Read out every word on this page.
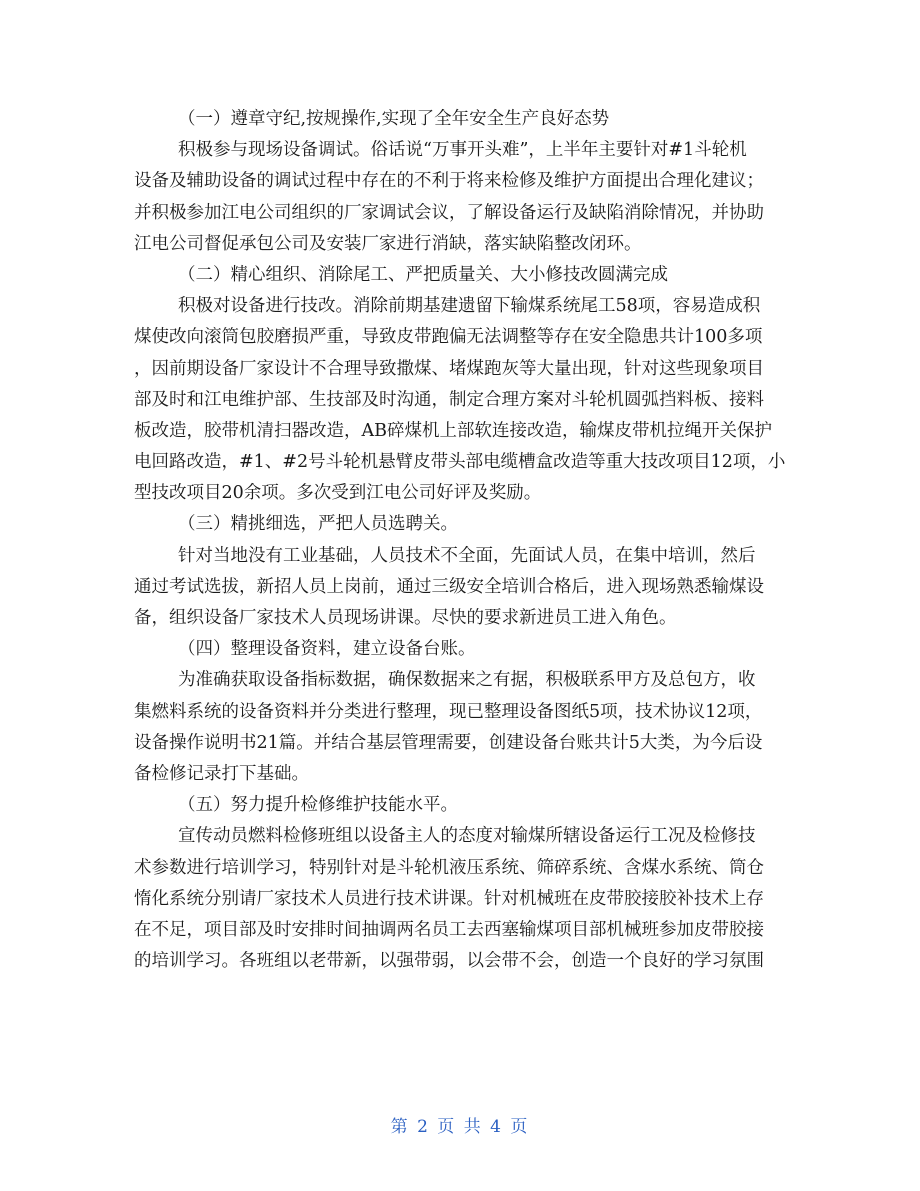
（一）遵章守纪,按规操作,实现了全年安全生产良好态势
积极参与现场设备调试。俗话说“万事开头难”，上半年主要针对#1斗轮机
设备及辅助设备的调试过程中存在的不利于将来检修及维护方面提出合理化建议；
并积极参加江电公司组织的厂家调试会议，了解设备运行及缺陷消除情况，并协助
江电公司督促承包公司及安装厂家进行消缺，落实缺陷整改闭环。
（二）精心组织、消除尾工、严把质量关、大小修技改圆满完成
积极对设备进行技改。消除前期基建遗留下输煤系统尾工58项，容易造成积
煤使改向滚筒包胶磨损严重，导致皮带跑偏无法调整等存在安全隐患共计100多项
，因前期设备厂家设计不合理导致撒煤、堵煤跑灰等大量出现，针对这些现象项目
部及时和江电维护部、生技部及时沟通，制定合理方案对斗轮机圆弧挡料板、接料
板改造，胶带机清扫器改造，AB碎煤机上部软连接改造，输煤皮带机拉绳开关保护
电回路改造，#1、#2号斗轮机悬臂皮带头部电缆槽盒改造等重大技改项目12项，小
型技改项目20余项。多次受到江电公司好评及奖励。
（三）精挑细选，严把人员选聘关。
针对当地没有工业基础，人员技术不全面，先面试人员，在集中培训，然后
通过考试选拔，新招人员上岗前，通过三级安全培训合格后，进入现场熟悉输煤设
备，组织设备厂家技术人员现场讲课。尽快的要求新进员工进入角色。
（四）整理设备资料，建立设备台账。
为准确获取设备指标数据，确保数据来之有据，积极联系甲方及总包方，收
集燃料系统的设备资料并分类进行整理，现已整理设备图纸5项，技术协议12项，
设备操作说明书21篇。并结合基层管理需要，创建设备台账共计5大类，为今后设
备检修记录打下基础。
（五）努力提升检修维护技能水平。
宣传动员燃料检修班组以设备主人的态度对输煤所辖设备运行工况及检修技
术参数进行培训学习，特别针对是斗轮机液压系统、筛碎系统、含煤水系统、筒仓
惰化系统分别请厂家技术人员进行技术讲课。针对机械班在皮带胶接胶补技术上存
在不足，项目部及时安排时间抽调两名员工去西塞输煤项目部机械班参加皮带胶接
的培训学习。各班组以老带新，以强带弱，以会带不会，创造一个良好的学习氛围
第 2 页 共 4 页
